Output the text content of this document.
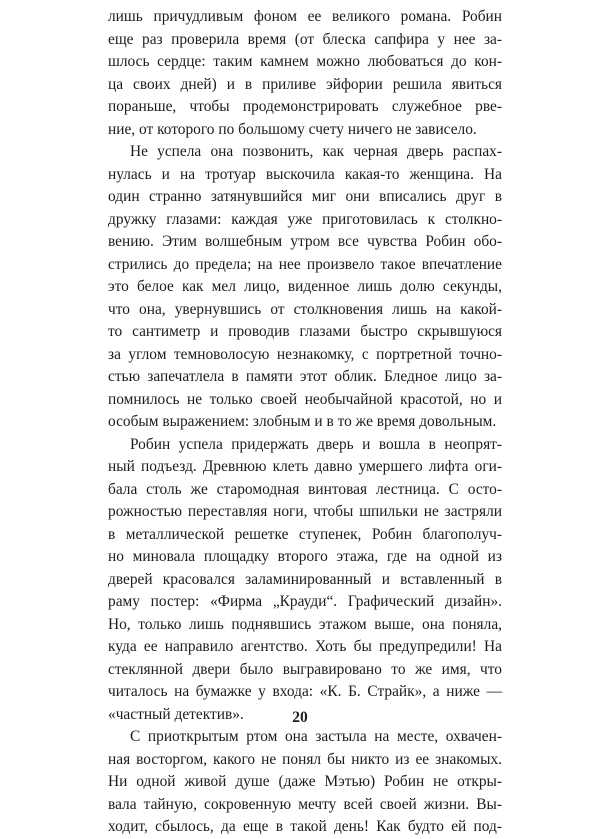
лишь причудливым фоном ее великого романа. Робин
еще раз проверила время (от блеска сапфира у нее за-
шлось сердце: таким камнем можно любоваться до кон-
ца своих дней) и в приливе эйфории решила явиться
пораньше, чтобы продемонстрировать служебное рве-
ние, от которого по большому счету ничего не зависело.
Не успела она позвонить, как черная дверь распах-
нулась и на тротуар выскочила какая-то женщина. На
один странно затянувшийся миг они вписались друг в
дружку глазами: каждая уже приготовилась к столкно-
вению. Этим волшебным утром все чувства Робин обо-
стрились до предела; на нее произвело такое впечатление
это белое как мел лицо, виденное лишь долю секунды,
что она, увернувшись от столкновения лишь на какой-
то сантиметр и проводив глазами быстро скрывшуюся
за углом темноволосую незнакомку, с портретной точно-
стью запечатлела в памяти этот облик. Бледное лицо за-
помнилось не только своей необычайной красотой, но и
особым выражением: злобным и в то же время довольным.
Робин успела придержать дверь и вошла в неопрят-
ный подъезд. Древнюю клеть давно умершего лифта оги-
бала столь же старомодная винтовая лестница. С осто-
рожностью переставляя ноги, чтобы шпильки не застряли
в металлической решетке ступенек, Робин благополуч-
но миновала площадку второго этажа, где на одной из
дверей красовался заламинированный и вставленный в
раму постер: «Фирма „Крауди“. Графический дизайн».
Но, только лишь поднявшись этажом выше, она поняла,
куда ее направило агентство. Хоть бы предупредили! На
стеклянной двери было выгравировано то же имя, что
читалось на бумажке у входа: «К. Б. Страйк», а ниже —
«частный детектив».
С приоткрытым ртом она застыла на месте, охвачен-
ная восторгом, какого не понял бы никто из ее знакомых.
Ни одной живой душе (даже Мэтью) Робин не откры-
вала тайную, сокровенную мечту всей своей жизни. Вы-
ходит, сбылось, да еще в такой день! Как будто ей под-
20
